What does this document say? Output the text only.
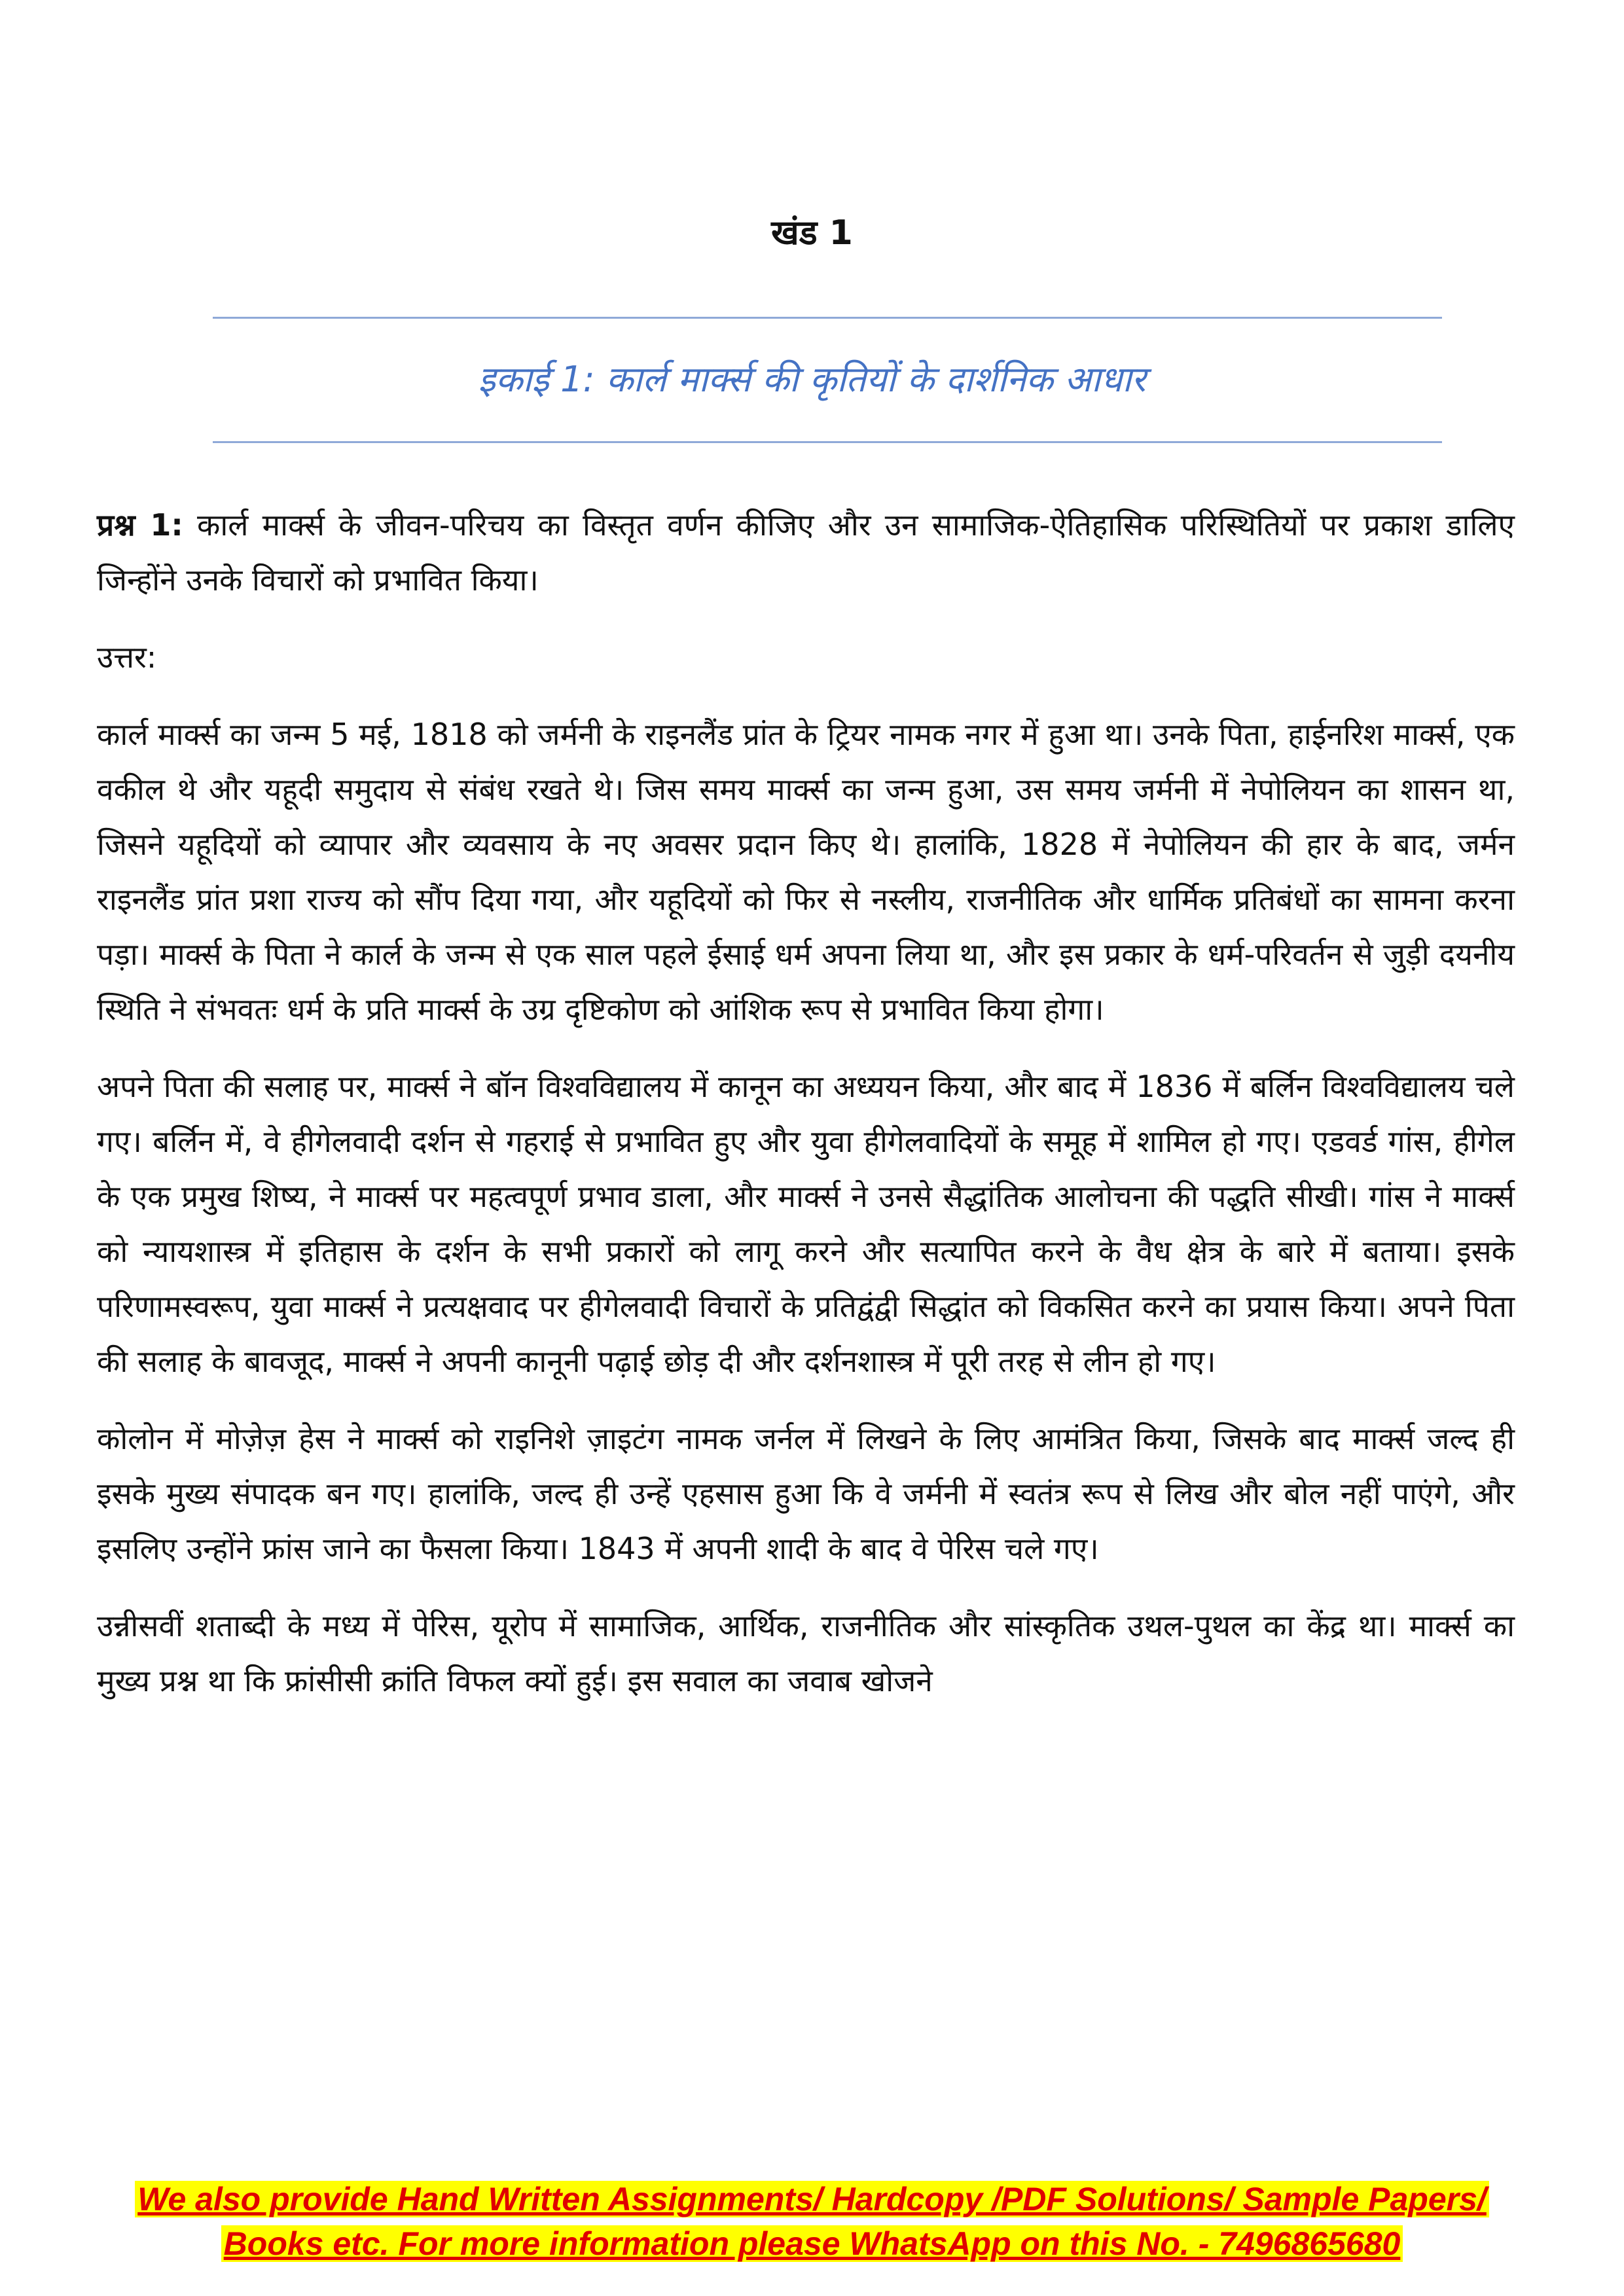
खंड 1
इकाई 1: कार्ल मार्क्स की कृतियों के दार्शनिक आधार

प्रश्न 1: कार्ल मार्क्स के जीवन-परिचय का विस्तृत वर्णन कीजिए और उन सामाजिक-ऐतिहासिक परिस्थितियों पर प्रकाश डालिए जिन्होंने उनके विचारों को प्रभावित किया।

उत्तर:

कार्ल मार्क्स का जन्म 5 मई, 1818 को जर्मनी के राइनलैंड प्रांत के ट्रियर नामक नगर में हुआ था। उनके पिता, हाईनरिश मार्क्स, एक वकील थे और यहूदी समुदाय से संबंध रखते थे। जिस समय मार्क्स का जन्म हुआ, उस समय जर्मनी में नेपोलियन का शासन था, जिसने यहूदियों को व्यापार और व्यवसाय के नए अवसर प्रदान किए थे। हालांकि, 1828 में नेपोलियन की हार के बाद, जर्मन राइनलैंड प्रांत प्रशा राज्य को सौंप दिया गया, और यहूदियों को फिर से नस्लीय, राजनीतिक और धार्मिक प्रतिबंधों का सामना करना पड़ा। मार्क्स के पिता ने कार्ल के जन्म से एक साल पहले ईसाई धर्म अपना लिया था, और इस प्रकार के धर्म-परिवर्तन से जुड़ी दयनीय स्थिति ने संभवतः धर्म के प्रति मार्क्स के उग्र दृष्टिकोण को आंशिक रूप से प्रभावित किया होगा।

अपने पिता की सलाह पर, मार्क्स ने बॉन विश्वविद्यालय में कानून का अध्ययन किया, और बाद में 1836 में बर्लिन विश्वविद्यालय चले गए। बर्लिन में, वे हीगेलवादी दर्शन से गहराई से प्रभावित हुए और युवा हीगेलवादियों के समूह में शामिल हो गए। एडवर्ड गांस, हीगेल के एक प्रमुख शिष्य, ने मार्क्स पर महत्वपूर्ण प्रभाव डाला, और मार्क्स ने उनसे सैद्धांतिक आलोचना की पद्धति सीखी। गांस ने मार्क्स को न्यायशास्त्र में इतिहास के दर्शन के सभी प्रकारों को लागू करने और सत्यापित करने के वैध क्षेत्र के बारे में बताया। इसके परिणामस्वरूप, युवा मार्क्स ने प्रत्यक्षवाद पर हीगेलवादी विचारों के प्रतिद्वंद्वी सिद्धांत को विकसित करने का प्रयास किया। अपने पिता की सलाह के बावजूद, मार्क्स ने अपनी कानूनी पढ़ाई छोड़ दी और दर्शनशास्त्र में पूरी तरह से लीन हो गए।

कोलोन में मोज़ेज़ हेस ने मार्क्स को राइनिशे ज़ाइटंग नामक जर्नल में लिखने के लिए आमंत्रित किया, जिसके बाद मार्क्स जल्द ही इसके मुख्य संपादक बन गए। हालांकि, जल्द ही उन्हें एहसास हुआ कि वे जर्मनी में स्वतंत्र रूप से लिख और बोल नहीं पाएंगे, और इसलिए उन्होंने फ्रांस जाने का फैसला किया। 1843 में अपनी शादी के बाद वे पेरिस चले गए।

उन्नीसवीं शताब्दी के मध्य में पेरिस, यूरोप में सामाजिक, आर्थिक, राजनीतिक और सांस्कृतिक उथल-पुथल का केंद्र था। मार्क्स का मुख्य प्रश्न था कि फ्रांसीसी क्रांति विफल क्यों हुई। इस सवाल का जवाब खोजने

We also provide Hand Written Assignments/ Hardcopy /PDF Solutions/ Sample Papers/
Books etc. For more information please WhatsApp on this No. - 7496865680
